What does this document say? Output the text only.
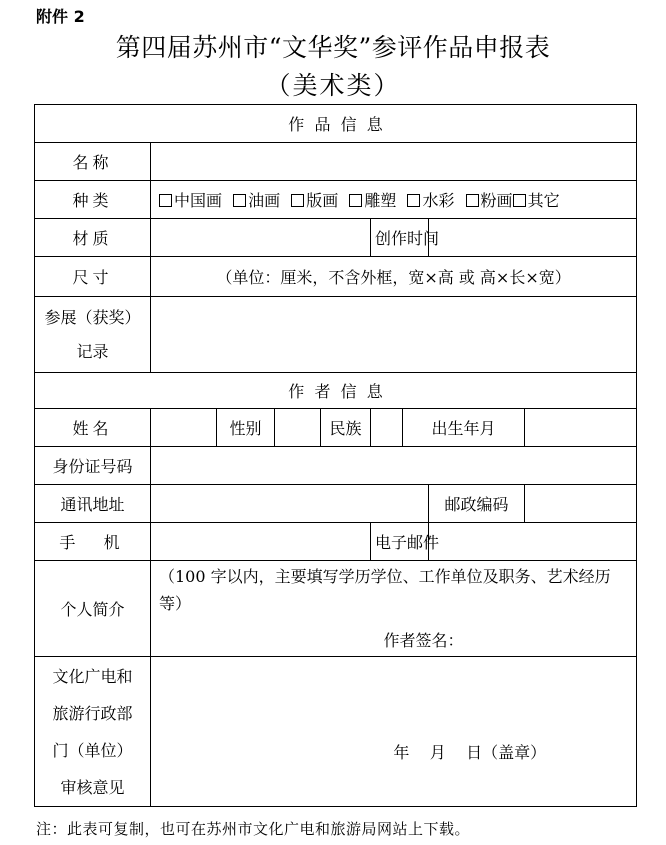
附件 2
第四届苏州市“文华奖”参评作品申报表
（美术类）
作  品  信  息								
名称								
种类	中国画 油画 版画 雕塑 水彩 粉画 其它							
材质					创作时间			
尺寸	（单位：厘米，不含外框，宽×高 或 高×长×宽）							

参展（获奖）
记录								

作  者  信  息								
姓名		性别		民族		出生年月		
身份证号码								
通讯地址							邮政编码	
手  机					电子邮件			
个人简介	（100 字以内，主要填写学历学位、工作单位及职务、艺术经历等）
作者签名：							

文化广电和
旅游行政部
门（单位）
审核意见	年    月    日（盖章）							
注：此表可复制，也可在苏州市文化广电和旅游局网站上下载。
